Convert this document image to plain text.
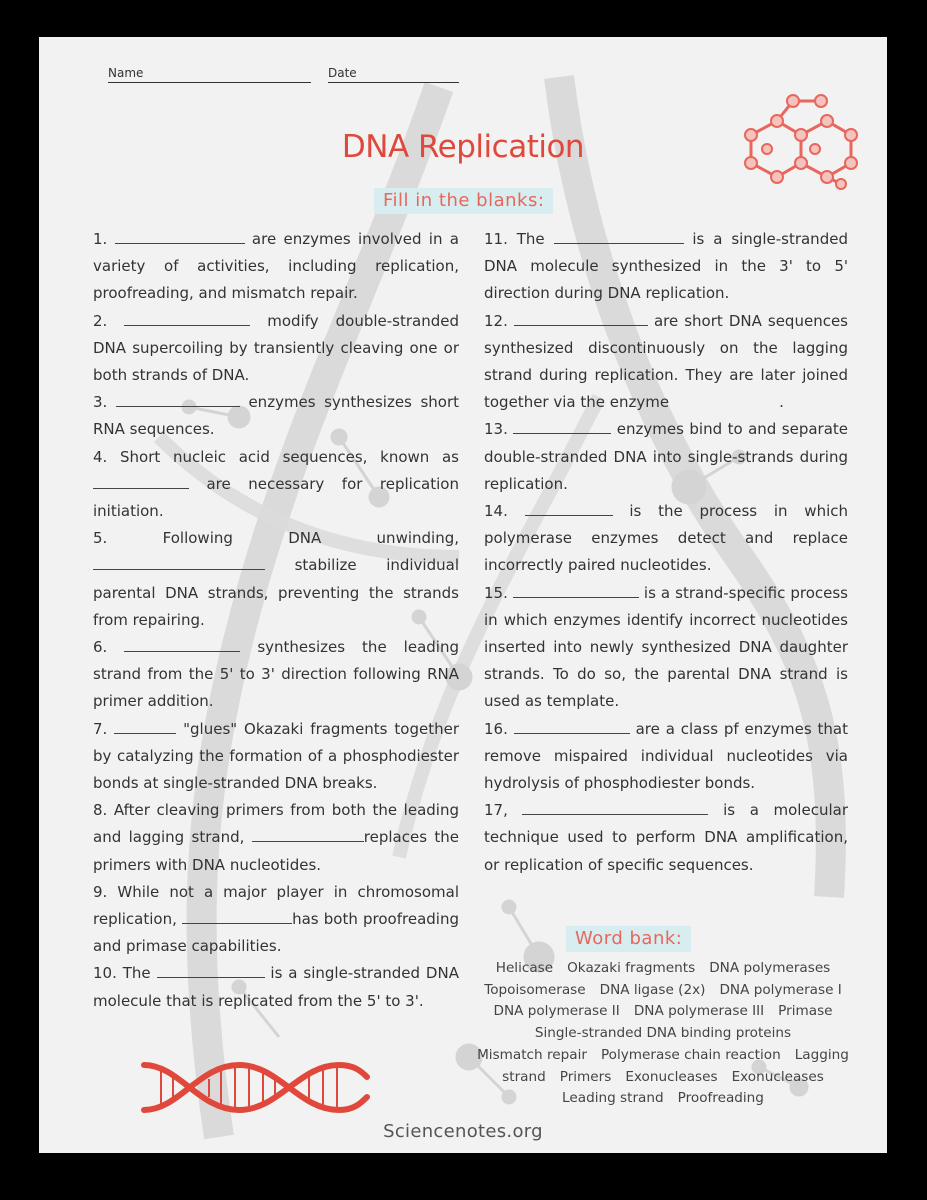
Name	Date
DNA Replication
Fill in the blanks:

1.	are enzymes involved in a variety of activities, including replication, proofreading, and mismatch repair.

2.	modify double-stranded DNA supercoiling by transiently cleaving one or both strands of DNA.

3.	enzymes synthesizes short RNA sequences.

4. Short nucleic acid sequences, known as  are necessary for replication initiation.

5.	Following DNA unwinding,  stabilize individual parental DNA strands, preventing the strands from repairing.

6.	synthesizes the leading strand from the 5' to 3' direction following RNA primer addition.

7.	"glues" Okazaki fragments together by catalyzing the formation of a phosphodiester bonds at single-stranded DNA breaks.

8. After cleaving primers from both the leading and lagging strand,	replaces the primers with DNA nucleotides.

9. While not a major player in chromosomal replication,	has both proofreading and primase capabilities.

10. The	is a single-stranded DNA molecule that is replicated from the 5' to 3'.

11. The	is a single-stranded DNA molecule synthesized in the 3' to 5' direction during DNA replication.

12.	are short DNA sequences synthesized discontinuously on the lagging strand during replication. They are later joined together via the enzyme	.

13.	enzymes bind to and separate double-stranded DNA into single-strands during replication.

14.	is the process in which polymerase enzymes detect and replace incorrectly paired nucleotides.

15.	is a strand-specific process in which enzymes identify incorrect nucleotides inserted into newly synthesized DNA daughter strands. To do so, the parental DNA strand is used as template.

16.	are a class pf enzymes that remove mispaired individual nucleotides via hydrolysis of phosphodiester bonds.

17,	is a molecular technique used to perform DNA amplification, or replication of specific sequences.

Word bank:
Helicase Okazaki fragments DNA polymerases
Topoisomerase DNA ligase (2x) DNA polymerase I
DNA polymerase II DNA polymerase III Primase
Single-stranded DNA binding proteins
Mismatch repair Polymerase chain reaction Lagging
strand Primers Exonucleases Exonucleases
Leading strand Proofreading
Sciencenotes.org
